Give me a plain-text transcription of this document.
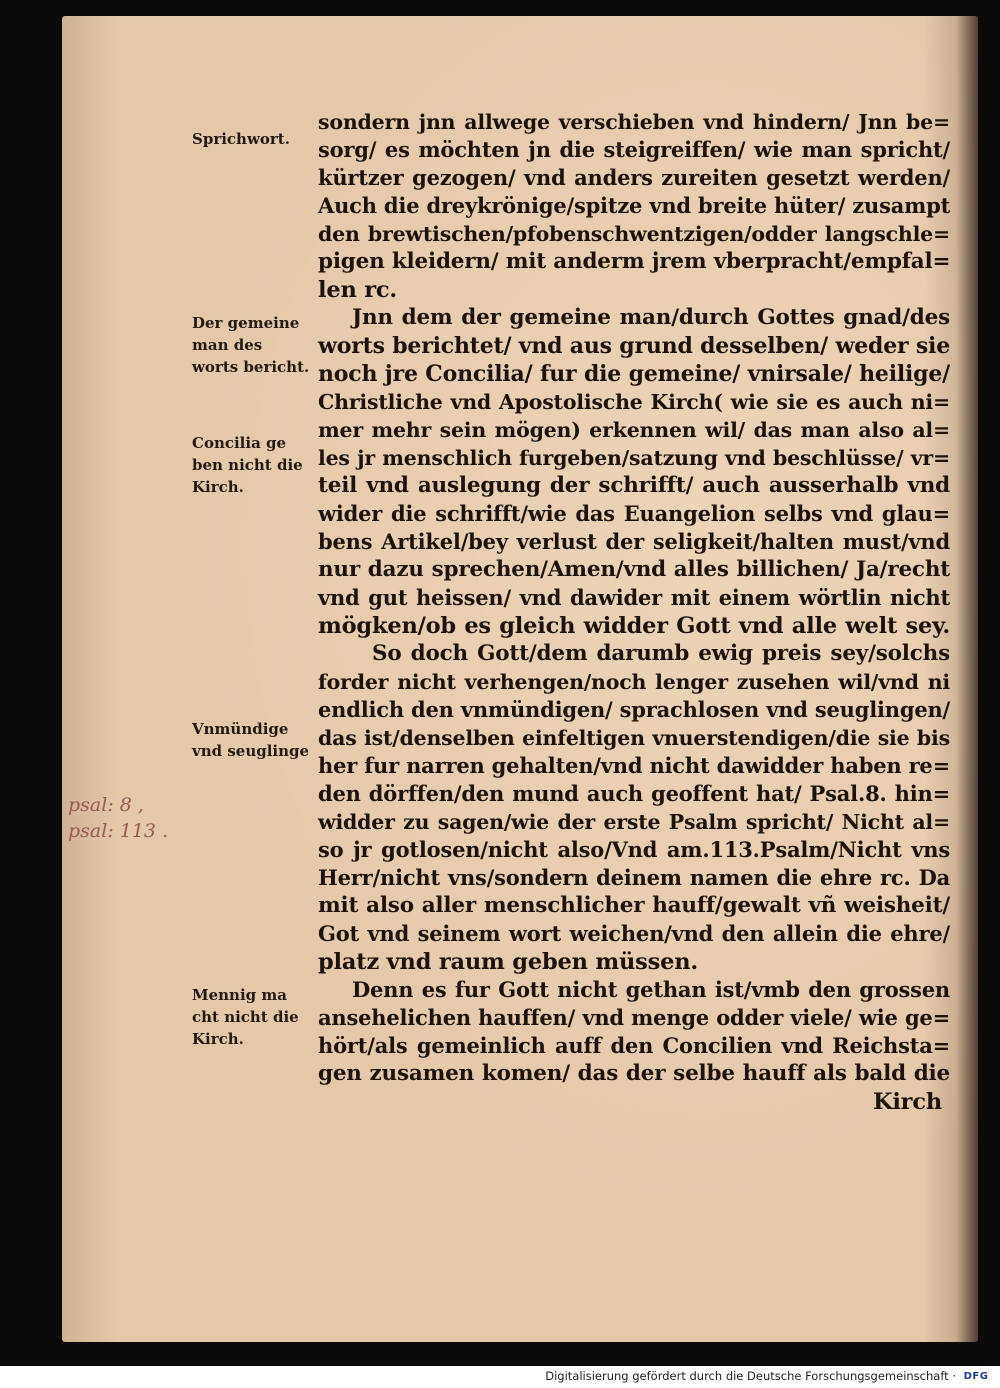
sondern jnn allwege verschieben vnd hindern/ Jnn be=
sorg/ es möchten jn die steigreiffen/ wie man spricht/
kürtzer gezogen/ vnd anders zureiten gesetzt werden/
Auch die dreykrönige/spitze vnd breite hüter/ zusampt
den brewtischen/pfobenschwentzigen/odder langschle=
pigen kleidern/ mit anderm jrem vberpracht/empfal=
len rc.
Jnn dem der gemeine man/durch Gottes gnad/des
worts berichtet/ vnd aus grund desselben/ weder sie
noch jre Concilia/ fur die gemeine/ vnirsale/ heilige/
Christliche vnd Apostolische Kirch( wie sie es auch ni=
mer mehr sein mögen) erkennen wil/ das man also al=
les jr menschlich furgeben/satzung vnd beschlüsse/ vr=
teil vnd auslegung der schrifft/ auch ausserhalb vnd
wider die schrifft/wie das Euangelion selbs vnd glau=
bens Artikel/bey verlust der seligkeit/halten must/vnd
nur dazu sprechen/Amen/vnd alles billichen/ Ja/recht
vnd gut heissen/ vnd dawider mit einem wörtlin nicht
mögken/ob es gleich widder Gott vnd alle welt sey.
So doch Gott/dem darumb ewig preis sey/solchs
forder nicht verhengen/noch lenger zusehen wil/vnd ni
endlich den vnmündigen/ sprachlosen vnd seuglingen/
das ist/denselben einfeltigen vnuerstendigen/die sie bis
her fur narren gehalten/vnd nicht dawidder haben re=
den dörffen/den mund auch geoffent hat/ Psal.8. hin=
widder zu sagen/wie der erste Psalm spricht/ Nicht al=
so jr gotlosen/nicht also/Vnd am.113.Psalm/Nicht vns
Herr/nicht vns/sondern deinem namen die ehre rc. Da
mit also aller menschlicher hauff/gewalt vñ weisheit/
Got vnd seinem wort weichen/vnd den allein die ehre/
platz vnd raum geben müssen.
Denn es fur Gott nicht gethan ist/vmb den grossen
ansehelichen hauffen/ vnd menge odder viele/ wie ge=
hört/als gemeinlich auff den Concilien vnd Reichsta=
gen zusamen komen/ das der selbe hauff als bald die
Kirch
Sprichwort.
Der gemeine
man des
worts bericht.
Concilia ge
ben nicht die
Kirch.
Vnmündige
vnd seuglinge
Mennig ma
cht nicht die
Kirch.
psal: 8 ,
psal: 113 .
Digitalisierung gefördert durch die Deutsche Forschungsgemeinschaft · DFG
